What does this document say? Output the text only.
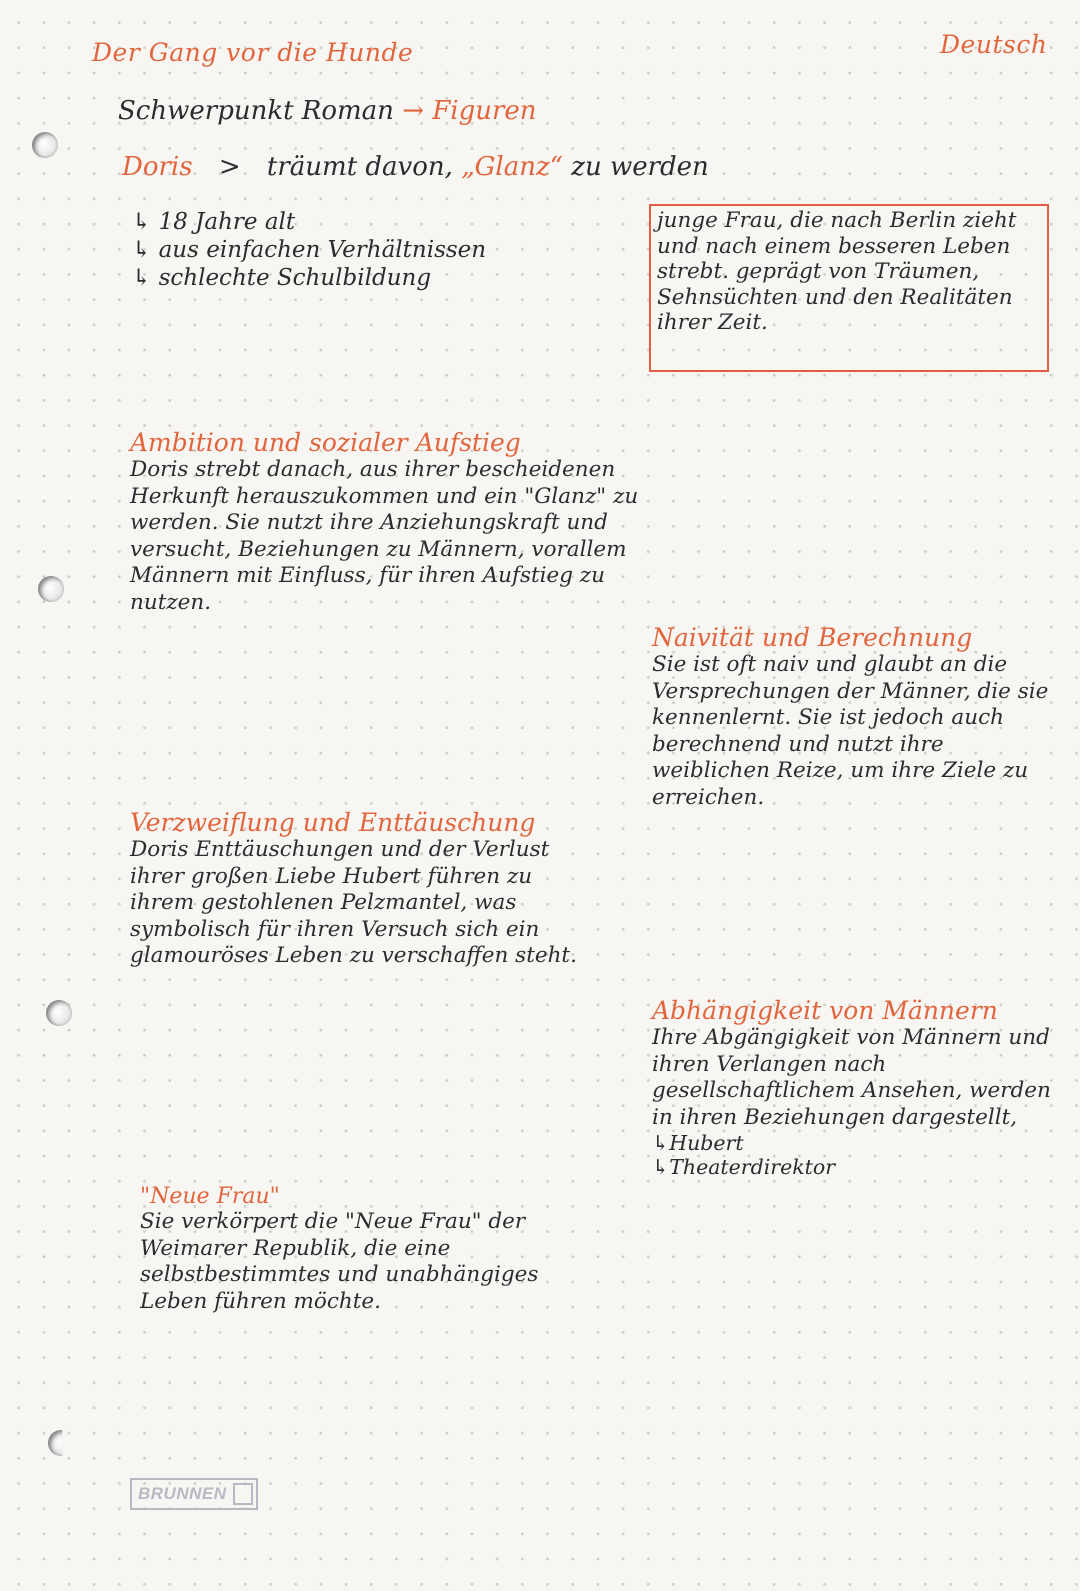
Der Gang vor die Hunde	Deutsch
Schwerpunkt Roman → Figuren
Doris > träumt davon, „Glanz“ zu werden
↳ 18 Jahre alt
↳ aus einfachen Verhältnissen
↳ schlechte Schulbildung
junge Frau, die nach Berlin zieht und nach einem besseren Leben strebt. geprägt von Träumen, Sehnsüchten und den Realitäten ihrer Zeit.
Ambition und sozialer Aufstieg
Doris strebt danach, aus ihrer bescheidenen Herkunft herauszukommen und ein "Glanz" zu werden. Sie nutzt ihre Anziehungskraft und versucht, Beziehungen zu Männern, vorallem Männern mit Einfluss, für ihren Aufstieg zu nutzen.
Naivität und Berechnung
Sie ist oft naiv und glaubt an die Versprechungen der Männer, die sie kennenlernt. Sie ist jedoch auch berechnend und nutzt ihre weiblichen Reize, um ihre Ziele zu erreichen.
Verzweiflung und Enttäuschung
Doris Enttäuschungen und der Verlust ihrer großen Liebe Hubert führen zu ihrem gestohlenen Pelzmantel, was symbolisch für ihren Versuch sich ein glamouröses Leben zu verschaffen steht.
Abhängigkeit von Männern
Ihre Abgängigkeit von Männern und ihren Verlangen nach gesellschaftlichem Ansehen, werden in ihren Beziehungen dargestellt,
↳ Hubert
↳ Theaterdirektor
"Neue Frau"
Sie verkörpert die "Neue Frau" der Weimarer Republik, die eine selbstbestimmtes und unabhängiges Leben führen möchte.
BRUNNEN
